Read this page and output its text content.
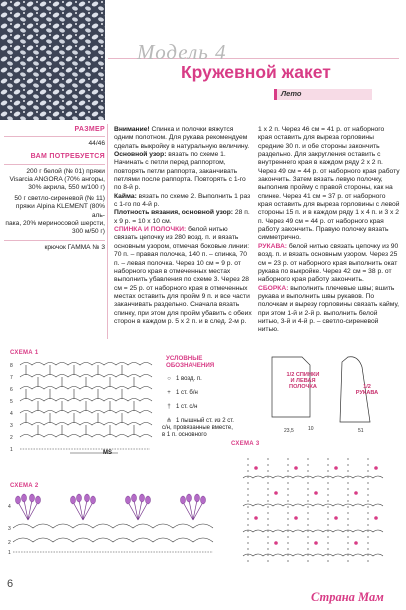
Модель 4
Кружевной жакет
Лето
РАЗМЕР
44/46
ВАМ ПОТРЕБУЕТСЯ
200 г белой (№ 01) пряжи
Visarcia ANGORA (70% ангоры,
30% акрила, 550 м/100 г)
50 г светло-сиреневой (№ 11)
пряжи Alpina KLEMENT (80% аль-
пака, 20% мериносовой шерсти,
300 м/50 г)
крючок ГАММА № 3

Внимание! Спинка и полочки вяжутся одним полотном. Для рукава рекомендуем сделать выкройку в натуральную величину.

Основной узор: вязать по схеме 1. Начинать с петли перед раппортом, повторять петли раппорта, заканчивать петлями после раппорта. Повторять с 1-го по 8-й р.

Кайма: вязать по схеме 2. Выполнить 1 раз с 1-го по 4-й р.

Плотность вязания, основной узор: 28 п. x 9 р. = 10 x 10 см.

СПИНКА И ПОЛОЧКИ: белой нитью связать цепочку из 280 возд. п. и вязать основным узором, отмечая боковые линии: 70 п. – правая полочка, 140 п. – спинка, 70 п. – левая полочка. Через 10 см = 9 р. от наборного края в отмеченных местах выполнить убавления по схеме 3. Через 28 см = 25 р. от наборного края в отмеченных местах оставить для пройм 9 п. и все части заканчивать раздельно. Сначала вязать спинку, при этом для пройм убавить с обеих сторон в каждом р. 5 x 2 п. и в след. 2-м р.

1 x 2 п. Через 46 см = 41 р. от наборного края оставить для выреза горловины средние 30 п. и обе стороны закончить раздельно. Для закругления оставить с внутреннего края в каждом ряду 2 x 2 п. Через 49 см = 44 р. от наборного края работу закончить. Затем вязать левую полочку, выполнив пройму с правой стороны, как на спинке. Через 41 см = 37 р. от наборного края оставить для выреза горловины с левой стороны 15 п. и в каждом ряду 1 x 4 п. и 3 x 2 п. Через 49 см = 44 р. от наборного края работу закончить. Правую полочку вязать симметрично.

РУКАВА: белой нитью связать цепочку из 90 возд. п. и вязать основным узором. Через 25 см = 23 р. от наборного края выполнить окат рукава по выкройке. Через 42 см = 38 р. от наборного края работу закончить.

СБОРКА: выполнить плечевые швы; вшить рукава и выполнить швы рукавов. По полочкам и вырезу горловины связать кайму, при этом 1-й и 2-й р. выполнить белой нитью, 3-й и 4-й р. – светло-сиреневой нитью.

СХЕМА 1
8
7
6
5
4
3
2
1	MS
УСЛОВНЫЕ ОБОЗНАЧЕНИЯ
○ 1 возд. п.
+ 1 ст. б/н
† 1 ст. с/н
⋔ 1 пышный ст. из 2 ст. с/н, провязанные вместе, в 1 п. основного
23,5	10	51
1/2 СПИНКИ И ЛЕВАЯ ПОЛОЧКА	1/2 РУКАВА
СХЕМА 2
4
3
2
1
СХЕМА 3
6
Страна Мам
